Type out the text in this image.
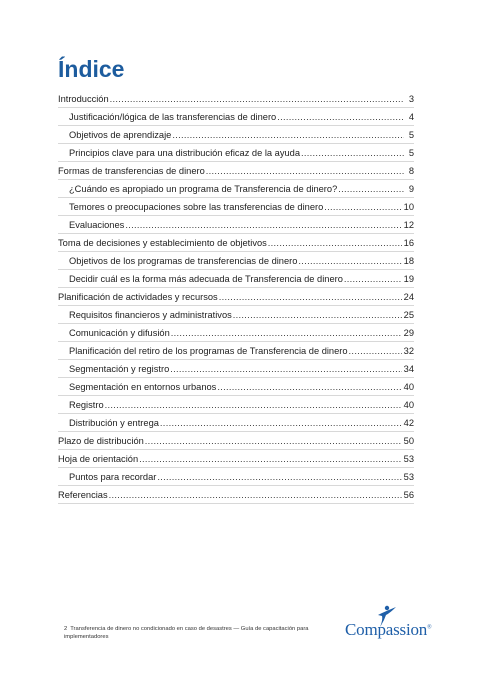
Índice
Introducción .....	3
Justificación/lógica de las transferencias de dinero .....	4
Objetivos de aprendizaje .....	5
Principios clave para una distribución eficaz de la ayuda .....	5
Formas de transferencias de dinero .....	8
¿Cuándo es apropiado un programa de Transferencia de dinero? .....	9
Temores o preocupaciones sobre las transferencias de dinero .....	10
Evaluaciones .....	12
Toma de decisiones y establecimiento de objetivos .....	16
Objetivos de los programas de transferencias de dinero .....	18
Decidir cuál es la forma más adecuada de Transferencia de dinero .....	19
Planificación de actividades y recursos .....	24
Requisitos financieros y administrativos .....	25
Comunicación y difusión .....	29
Planificación del retiro de los programas de Transferencia de dinero .....	32
Segmentación y registro .....	34
Segmentación en entornos urbanos .....	40
Registro .....	40
Distribución y entrega .....	42
Plazo de distribución .....	50
Hoja de orientación .....	53
Puntos para recordar .....	53
Referencias .....	56
2 Transferencia de dinero no condicionado en caso de desastres — Guía de capacitación para implementadores	Compassion®
